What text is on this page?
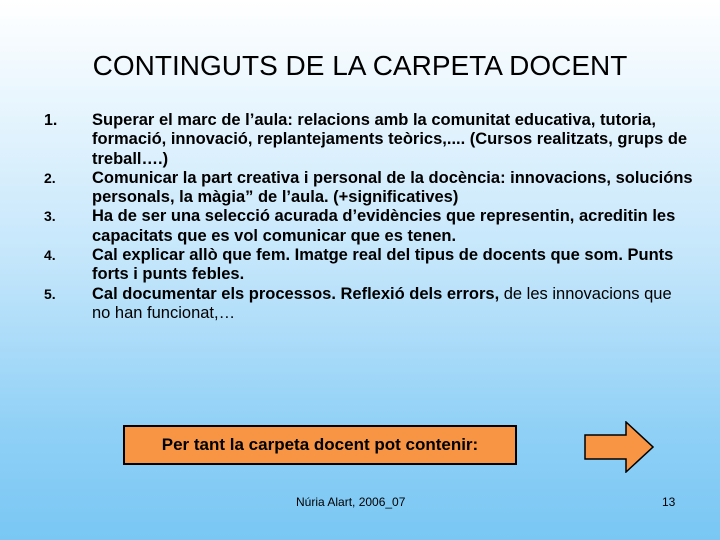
CONTINGUTS DE LA CARPETA DOCENT
1.	Superar el marc de l’aula: relacions amb la comunitat educativa, tutoria, formació, innovació, replantejaments teòrics,.... (Cursos realitzats, grups de treball….)
2.	Comunicar la part creativa i personal de la docència: innovacions, solucións personals, la màgia” de l’aula. (+significatives)
3.	Ha de ser una selecció acurada d’evidències que representin, acreditin les capacitats que es vol comunicar que es tenen.
4.	Cal explicar allò que fem. Imatge real del tipus de docents que som. Punts forts i punts febles.
5.	Cal documentar els processos. Reflexió dels errors, de les innovacions que no han funcionat,…
Per tant la carpeta docent pot contenir:
Núria Alart, 2006_07	13
